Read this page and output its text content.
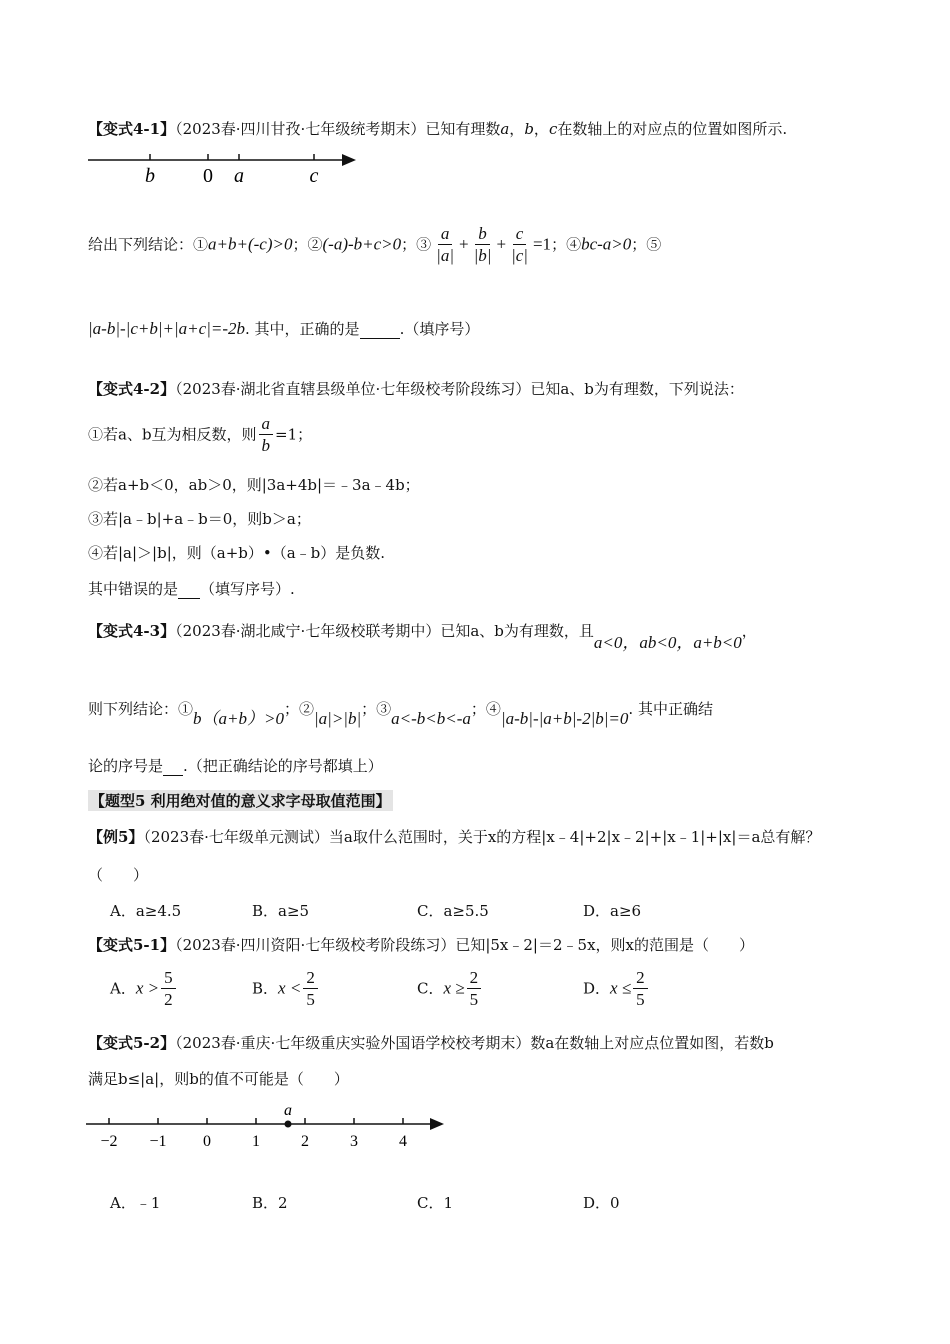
【变式4-1】（2023春·四川甘孜·七年级统考期末）已知有理数a，b，c在数轴上的对应点的位置如图所示.
b 0 a	c
给出下列结论：①a+b+(-c)>0；②(-a)-b+c>0；③ $\frac{a}{|a|} + \frac{b}{|b|} + \frac{c}{|c|} =1$；④bc-a>0；⑤
|a-b|-|c+b|+|a+c|=-2b. 其中，正确的是	.（填序号）
【变式4-2】（2023春·湖北省直辖县级单位·七年级校考阶段练习）已知a、b为有理数，下列说法：
①若a、b互为相反数，则 $\frac{a}{b} =1$；
②若a+b＜0，ab＞0，则|3a+4b|＝﹣3a﹣4b；
③若|a﹣b|+a﹣b＝0，则b＞a；
④若|a|＞|b|，则（a+b）•（a﹣b）是负数.
其中错误的是 （填写序号）.
【变式4-3】（2023春·湖北咸宁·七年级校联考期中）已知a、b为有理数，且a<0，ab<0，a+b<0，
则下列结论：①b（a+b）>0；②|a|>|b|；③a<-b<b<-a；④|a-b|-|a+b|-2|b|=0. 其中正确结
论的序号是 .（把正确结论的序号都填上）
【题型5 利用绝对值的意义求字母取值范围】
【例5】（2023春·七年级单元测试）当a取什么范围时，关于x的方程|x﹣4|+2|x﹣2|+|x﹣1|+|x|＝a总有解？
（　　）
A．a≥4.5	B．a≥5	C．a≥5.5	D．a≥6
【变式5-1】（2023春·四川资阳·七年级校考阶段练习）已知|5x﹣2|＝2﹣5x，则x的范围是（　　）
A．$x > \frac{5}{2}$	B．$x < \frac{2}{5}$	C．$x \ge \frac{2}{5}$	D．$x \le \frac{2}{5}$
【变式5-2】（2023春·重庆·七年级重庆实验外国语学校校考期末）数a在数轴上对应点位置如图，若数b
满足b≤|a|，则b的值不可能是（　　）
−2 −1 0	1	2	3	4
a
A．﹣1	B．2	C．1	D．0
